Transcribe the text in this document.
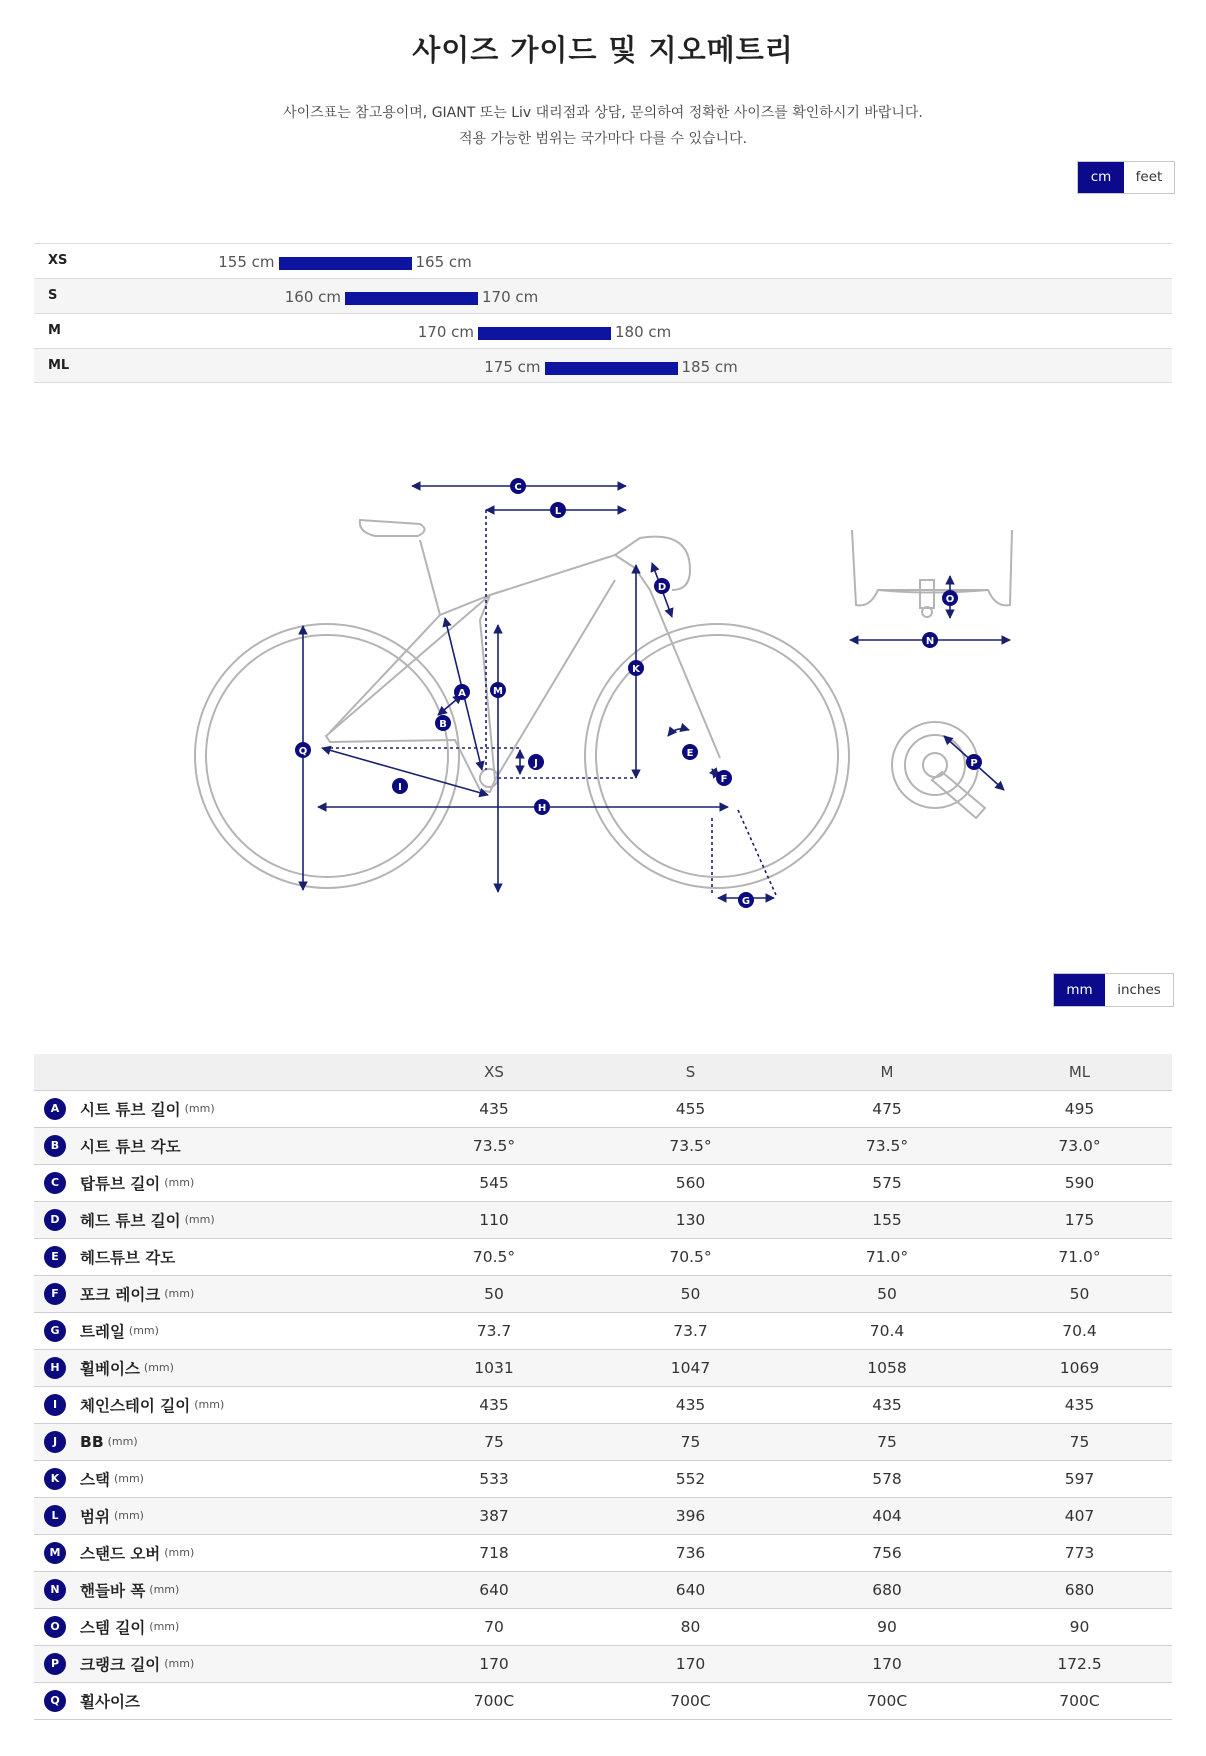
사이즈 가이드 및 지오메트리
사이즈표는 참고용이며, GIANT 또는 Liv 대리점과 상담, 문의하여 정확한 사이즈를 확인하시기 바랍니다.
적용 가능한 범위는 국가마다 다를 수 있습니다.
cm	feet
XS	155 cm	165 cm
S	160 cm	170 cm
M	170 cm	180 cm
ML	175 cm	185 cm
A
B
C
D
E
F
G
H
I
J
K
L
M
N
O
P
Q
mm	inches
	XS	S	M	ML
A 시트 튜브 길이 (mm)	435	455	475	495
B 시트 튜브 각도	73.5°	73.5°	73.5°	73.0°
C 탑튜브 길이 (mm)	545	560	575	590
D 헤드 튜브 길이 (mm)	110	130	155	175
E 헤드튜브 각도	70.5°	70.5°	71.0°	71.0°
F 포크 레이크 (mm)	50	50	50	50
G 트레일 (mm)	73.7	73.7	70.4	70.4
H 휠베이스 (mm)	1031	1047	1058	1069
I 체인스테이 길이 (mm)	435	435	435	435
J BB (mm)	75	75	75	75
K 스택 (mm)	533	552	578	597
L 범위 (mm)	387	396	404	407
M 스탠드 오버 (mm)	718	736	756	773
N 핸들바 폭 (mm)	640	640	680	680
O 스템 길이 (mm)	70	80	90	90
P 크랭크 길이 (mm)	170	170	170	172.5
Q 휠사이즈	700C	700C	700C	700C
